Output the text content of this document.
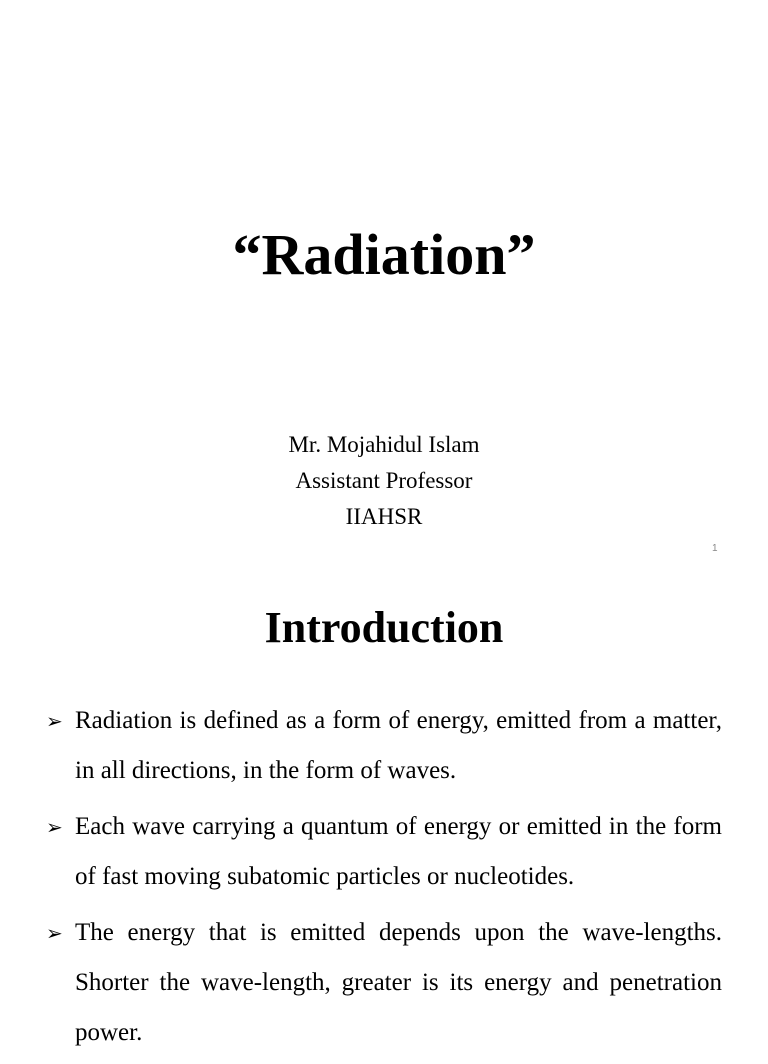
“Radiation”
Mr. Mojahidul Islam
Assistant Professor
IIAHSR
1
Introduction
➢ Radiation is defined as a form of energy, emitted from a matter, in all directions, in the form of waves.
➢ Each wave carrying a quantum of energy or emitted in the form of fast moving subatomic particles or nucleotides.
➢ The energy that is emitted depends upon the wave-lengths. Shorter the wave-length, greater is its energy and penetration power.
